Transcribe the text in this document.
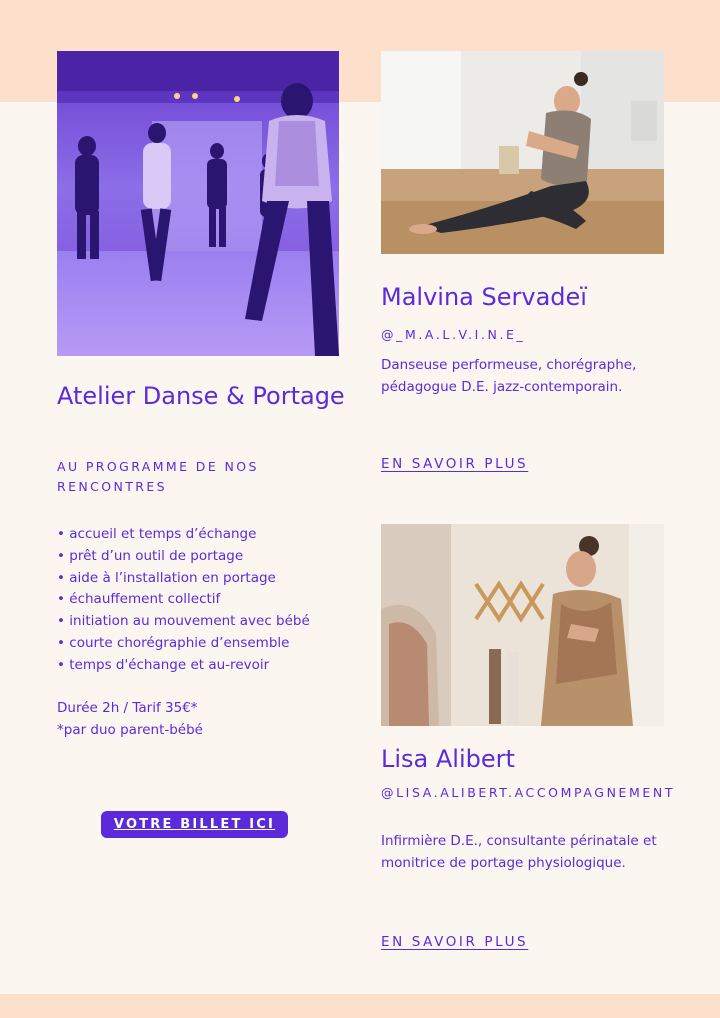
Atelier Danse & Portage

AU PROGRAMME DE NOS RENCONTRES

• accueil et temps d’échange
• prêt d’un outil de portage
• aide à l’installation en portage
• échauffement collectif
• initiation au mouvement avec bébé
• courte chorégraphie d’ensemble
• temps d'échange et au-revoir
Durée 2h / Tarif 35€*
*par duo parent-bébé
VOTRE BILLET ICI
Malvina Servadeï
@_M.A.L.V.I.N.E_
Danseuse performeuse, chorégraphe, pédagogue D.E. jazz-contemporain.
EN SAVOIR PLUS
Lisa Alibert
@LISA.ALIBERT.ACCOMPAGNEMENT
Infirmière D.E., consultante périnatale et monitrice de portage physiologique.
EN SAVOIR PLUS
